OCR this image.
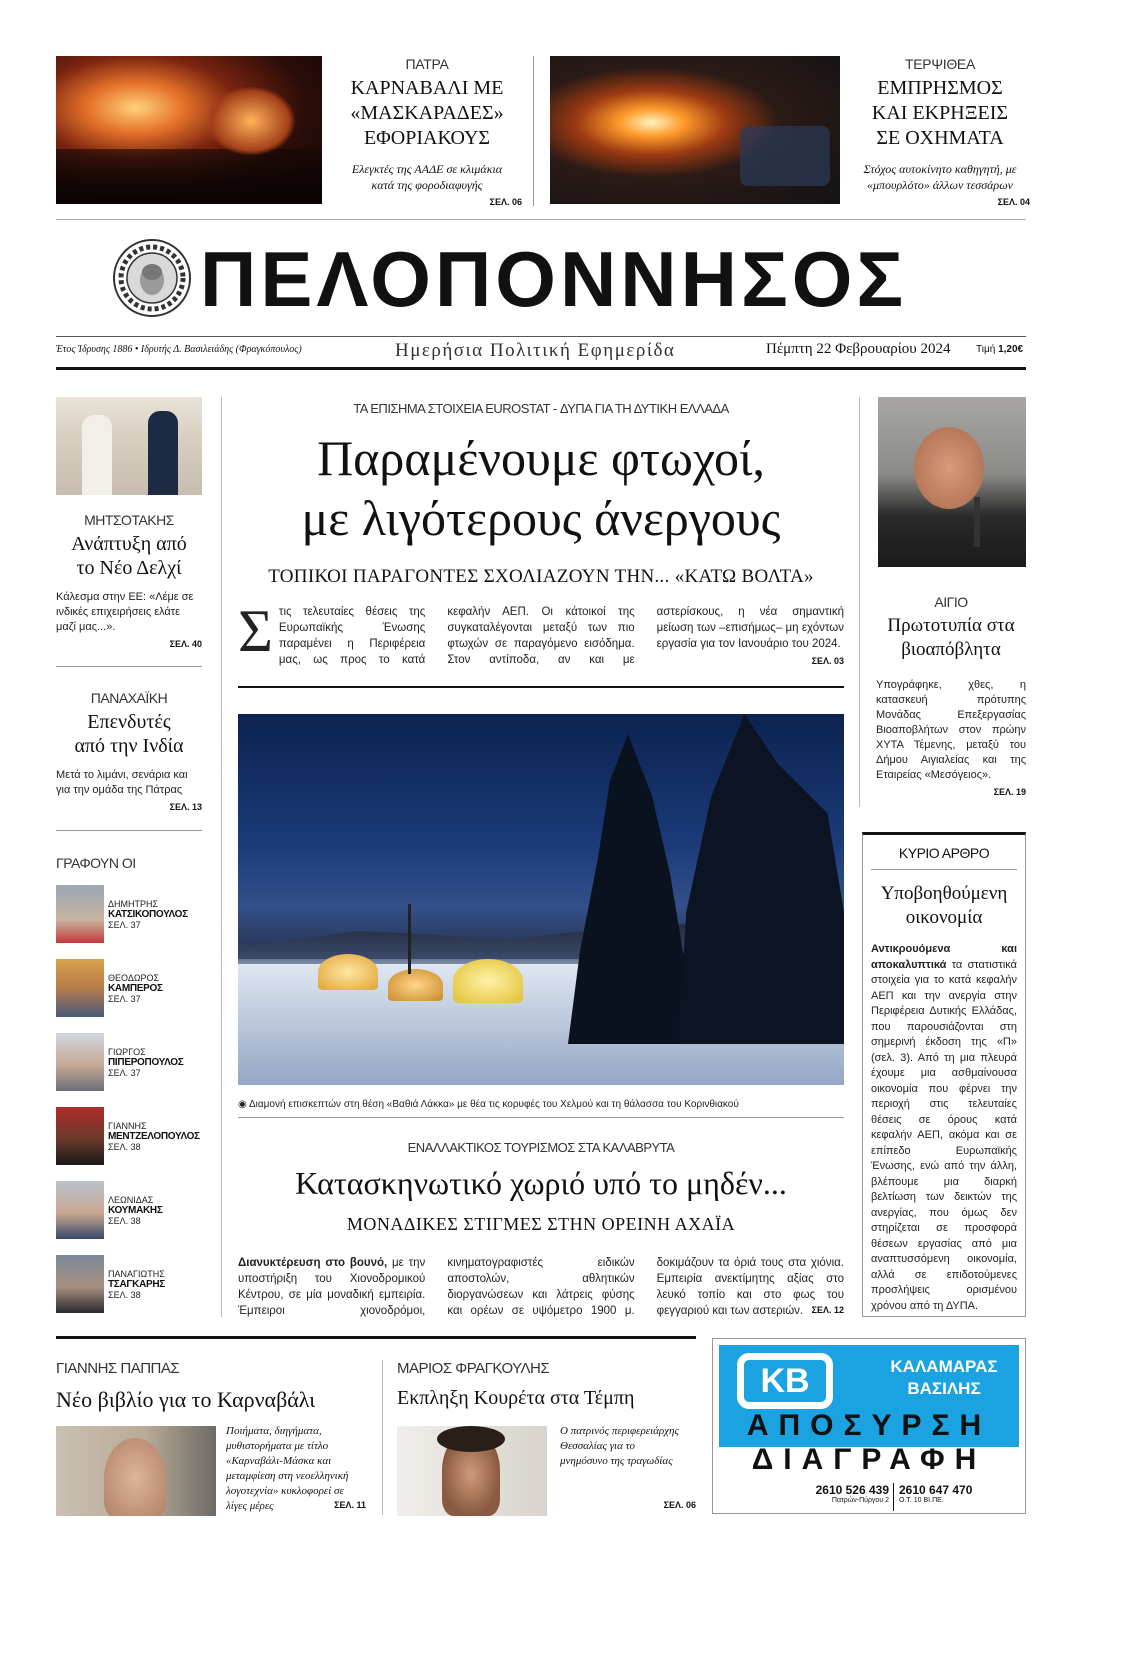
ΠΑΤΡΑ
ΚΑΡΝΑΒΑΛΙ ΜΕ
«ΜΑΣΚΑΡΑΔΕΣ»
ΕΦΟΡΙΑΚΟΥΣ
Ελεγκτές της ΑΑΔΕ σε κλιμάκια
κατά της φοροδιαφυγής
ΣΕΛ. 06
ΤΕΡΨΙΘΕΑ
ΕΜΠΡΗΣΜΟΣ
ΚΑΙ ΕΚΡΗΞΕΙΣ
ΣΕ ΟΧΗΜΑΤΑ
Στόχος αυτοκίνητο καθηγητή, με
«μπουρλότο» άλλων τεσσάρων
ΣΕΛ. 04
ΠΕΛΟΠΟΝΝΗΣΟΣ
Έτος Ίδρυσης 1886 • Ιδρυτής Δ. Βασιλειάδης (Φραγκόπουλος)	Ημερήσια Πολιτική Εφημερίδα	Πέμπτη 22 Φεβρουαρίου 2024	Τιμή 1,20€
ΜΗΤΣΟΤΑΚΗΣ
Ανάπτυξη από
το Νέο Δελχί
Κάλεσμα στην ΕΕ: «Λέμε σε ινδικές επιχειρήσεις ελάτε μαζί μας...».
ΣΕΛ. 40
ΠΑΝΑΧΑΪΚΗ
Επενδυτές
από την Ινδία
Μετά το λιμάνι, σενάρια και για την ομάδα της Πάτρας
ΣΕΛ. 13
ΓΡΑΦΟΥΝ ΟΙ
ΔΗΜΗΤΡΗΣ
ΚΑΤΣΙΚΟΠΟΥΛΟΣ
ΣΕΛ. 37
ΘΕΟΔΩΡΟΣ
ΚΑΜΠΕΡΟΣ
ΣΕΛ. 37
ΓΙΩΡΓΟΣ
ΠΙΠΕΡΟΠΟΥΛΟΣ
ΣΕΛ. 37
ΓΙΑΝΝΗΣ
ΜΕΝΤΖΕΛΟΠΟΥΛΟΣ
ΣΕΛ. 38
ΛΕΩΝΙΔΑΣ
ΚΟΥΜΑΚΗΣ
ΣΕΛ. 38
ΠΑΝΑΓΙΩΤΗΣ
ΤΣΑΓΚΑΡΗΣ
ΣΕΛ. 38
ΤΑ ΕΠΙΣΗΜΑ ΣΤΟΙΧΕΙΑ EUROSTAT - ΔΥΠΑ ΓΙΑ ΤΗ ΔΥΤΙΚΗ ΕΛΛΑΔΑ
Παραμένουμε φτωχοί,
με λιγότερους άνεργους
ΤΟΠΙΚΟΙ ΠΑΡΑΓΟΝΤΕΣ ΣΧΟΛΙΑΖΟΥΝ ΤΗΝ... «ΚΑΤΩ ΒΟΛΤΑ»
Σ τις τελευταίες θέσεις της Ευρωπαϊκής Ένωσης παραμένει η Περιφέρεια μας, ως προς το κατά κεφαλήν ΑΕΠ. Οι κάτοικοί της συγκαταλέγονται μεταξύ των πιο φτωχών σε παραγόμενο εισόδημα. Στον αντίποδα, αν και με αστερίσκους, η νέα σημαντική μείωση των –επισήμως– μη εχόντων εργασία για τον Ιανουάριο του 2024.
ΣΕΛ. 03
◉ Διαμονή επισκεπτών στη θέση «Βαθιά Λάκκα» με θέα τις κορυφές του Χελμού και τη θάλασσα του Κορινθιακού
ΕΝΑΛΛΑΚΤΙΚΟΣ ΤΟΥΡΙΣΜΟΣ ΣΤΑ ΚΑΛΑΒΡΥΤΑ
Κατασκηνωτικό χωριό υπό το μηδέν...
ΜΟΝΑΔΙΚΕΣ ΣΤΙΓΜΕΣ ΣΤΗΝ ΟΡΕΙΝΗ ΑΧΑΪΑ
Διανυκτέρευση στο βουνό, με την υποστήριξη του Χιονοδρομικού Κέντρου, σε μία μοναδική εμπειρία. Έμπειροι χιονοδρόμοι, κινηματογραφιστές ειδικών αποστολών, αθλητικών διοργανώσεων και λάτρεις φύσης και ορέων σε υψόμετρο 1900 μ. δοκιμάζουν τα όριά τους στα χιόνια. Εμπειρία ανεκτίμητης αξίας στο λευκό τοπίο και στο φως του φεγγαριού και των αστεριών. ΣΕΛ. 12
ΑΙΓΙΟ
Πρωτοτυπία στα
βιοαπόβλητα
Υπογράφηκε, χθες, η κατασκευή πρότυπης Μονάδας Επεξεργασίας Βιοαποβλήτων στον πρώην ΧΥΤΑ Τέμενης, μεταξύ του Δήμου Αιγιαλείας και της Εταιρείας «Μεσόγειος».
ΣΕΛ. 19
ΚΥΡΙΟ ΑΡΘΡΟ
Υποβοηθούμενη
οικονομία
Αντικρουόμενα και αποκαλυπτικά τα στατιστικά στοιχεία για το κατά κεφαλήν ΑΕΠ και την ανεργία στην Περιφέρεια Δυτικής Ελλάδας, που παρουσιάζονται στη σημερινή έκδοση της «Π» (σελ. 3). Από τη μια πλευρά έχουμε μια ασθμαίνουσα οικονομία που φέρνει την περιοχή στις τελευταίες θέσεις σε όρους κατά κεφαλήν ΑΕΠ, ακόμα και σε επίπεδο Ευρωπαϊκής Ένωσης, ενώ από την άλλη, βλέπουμε μια διαρκή βελτίωση των δεικτών της ανεργίας, που όμως δεν στηρίζεται σε προσφορά θέσεων εργασίας από μια αναπτυσσόμενη οικονομία, αλλά σε επιδοτούμενες προσλήψεις ορισμένου χρόνου από τη ΔΥΠΑ.
ΓΙΑΝΝΗΣ ΠΑΠΠΑΣ
Νέο βιβλίο για το Καρναβάλι
Ποιήματα, διηγήματα, μυθιστορήματα με τίτλο «Καρναβάλι-Μάσκα και μεταμφίεση στη νεοελληνική λογοτεχνία» κυκλοφορεί σε λίγες μέρες	ΣΕΛ. 11
ΜΑΡΙΟΣ ΦΡΑΓΚΟΥΛΗΣ
Εκπληξη Κουρέτα στα Τέμπη
Ο πατρινός περιφερειάρχης Θεσσαλίας για το μνημόσυνο της τραγωδίας
ΣΕΛ. 06
KB	ΚΑΛΑΜΑΡΑΣ
ΒΑΣΙΛΗΣ
ΑΠΟΣΥΡΣΗ
ΔΙΑΓΡΑΦΗ
2610 526 439
Πατρών-Πύργου 2
2610 647 470
Ο.Τ. 10 ΒΙ.ΠΕ.
